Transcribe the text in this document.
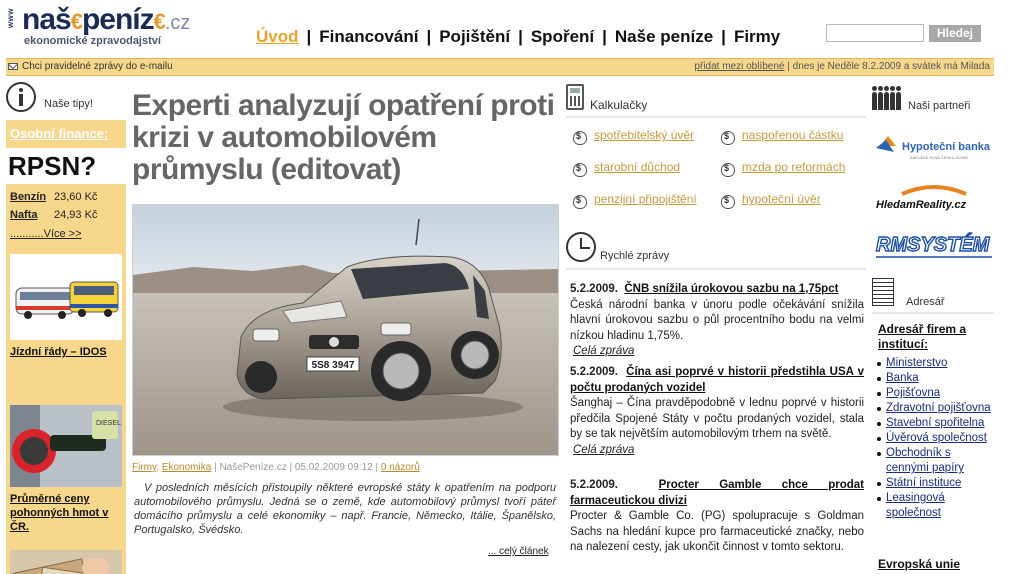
www naš€peníz€.cz
ekonomické zpravodajství	Úvod | Financování | Pojištění | Spoření | Naše peníze | Firmy	Hledej
Chci pravidelné zprávy do e-mailu	přidat mezi oblíbené | dnes je Neděle 8.2.2009 a svátek má Milada
Naše tipy!
Osobní finance:
RPSN?
Benzín 23,60 Kč
Nafta 24,93 Kč
...........Více >>
Jízdní řády – IDOS
DIESEL
Průměrné ceny pohonných hmot v ČR.
Experti analyzují opatření proti krizi v automobilovém průmyslu (editovat)
5S8 3947
Firmy, Ekonomika | NašePeníze.cz | 05.02.2009 09:12 | 0 názorů

V posledních měsících přistoupily některé evropské státy k opatřením na podporu automobilového průmyslu. Jedná se o země, kde automobilový průmysl tvoří páteř domácího průmyslu a celé ekonomiky – např. Francie, Německo, Itálie, Španělsko, Portugalsko, Švédsko.

... celý článek
Kalkulačky
$
spotřebitelský úvěr $	naspořenou částku
$
starobní důchod $	mzda po reformách
$
penzijní připojištění $	hypoteční úvěr
Rychlé zprávy
5.2.2009. ČNB snížila úrokovou sazbu na 1,75pct
Česká národní banka v únoru podle očekávání snížila hlavní úrokovou sazbu o půl procentního bodu na velmi nízkou hladinu 1,75%.
Celá zpráva
5.2.2009. Čína asi poprvé v historii předstihla USA v počtu prodaných vozidel
Šanghaj – Čína pravděpodobně v lednu poprvé v historii předčila Spojené Státy v počtu prodaných vozidel, stala by se tak největším automobilovým trhem na světě.
Celá zpráva
5.2.2009.	Procter Gamble chce prodat farmaceutickou divizi
Procter & Gamble Co. (PG) spolupracuje s Goldman Sachs na hledání kupce pro farmaceutické značky, nebo na nalezení cesty, jak ukončit činnost v tomto sektoru.
Naši partneři
Hypoteční banka
ZAKLÁDÁ SI NA ČESKU DOMŮ
HledamReality.cz
RMSYSTÉM
Adresář
Adresář firem a institucí:
Ministerstvo
Banka
Pojišťovna
Zdravotní pojišťovna
Stavební spořitelna
Úvěrová společnost
Obchodník s cennými papíry
Státní instituce
Leasingová společnost
Evropská unie
